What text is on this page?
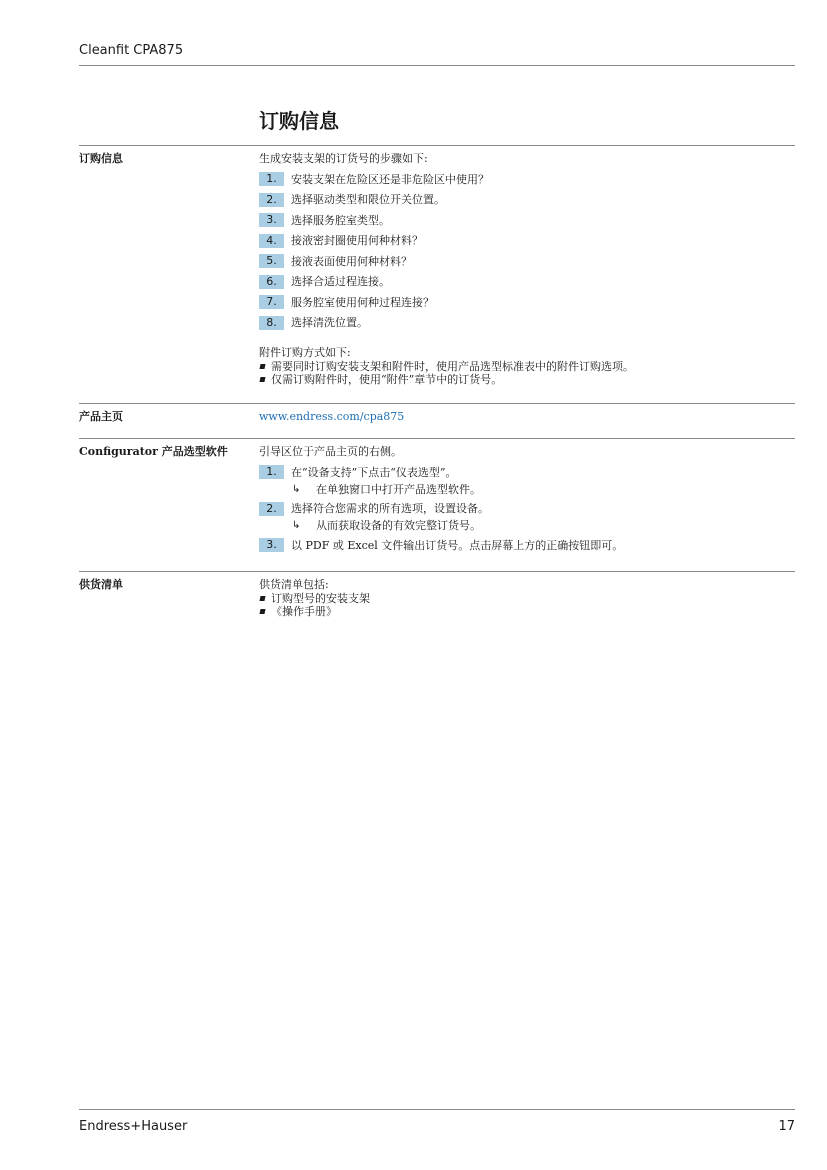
Cleanfit CPA875
订购信息
订购信息	生成安装支架的订货号的步骤如下:

1.	安装支架在危险区还是非危险区中使用？
2.	选择驱动类型和限位开关位置。
3.	选择服务腔室类型。
4.	接液密封圈使用何种材料？
5.	接液表面使用何种材料？
6.	选择合适过程连接。
7.	服务腔室使用何种过程连接？
8.	选择清洗位置。

附件订购方式如下:

需要同时订购安装支架和附件时，使用产品选型标准表中的附件订购选项。
仅需订购附件时，使用“附件”章节中的订货号。
产品主页	www.endress.com/cpa875
Configurator 产品选型软件	引导区位于产品主页的右侧。

1.	在“设备支持”下点击“仪表选型”。
↳	在单独窗口中打开产品选型软件。
2.	选择符合您需求的所有选项，设置设备。
↳	从而获取设备的有效完整订货号。
3.	以 PDF 或 Excel 文件输出订货号。点击屏幕上方的正确按钮即可。
供货清单	供货清单包括:

订购型号的安装支架
《操作手册》
Endress+Hauser	17
